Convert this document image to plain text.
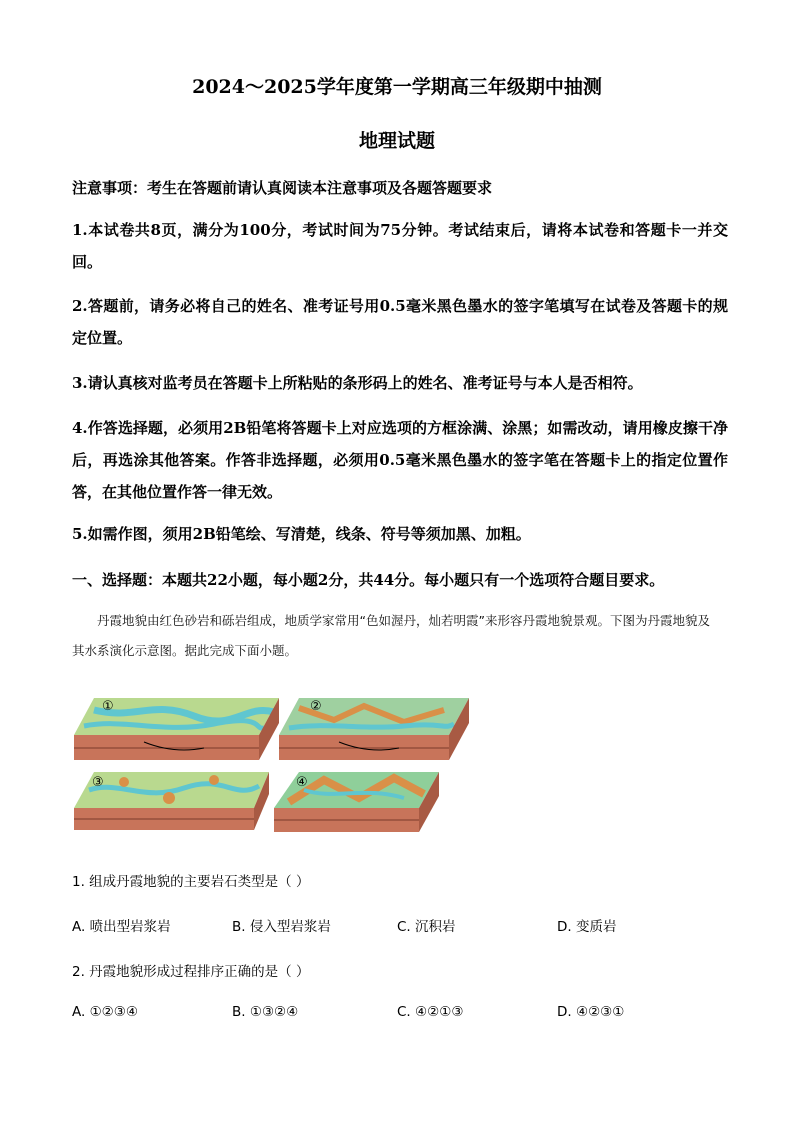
2024～2025学年度第一学期高三年级期中抽测
地理试题
注意事项：考生在答题前请认真阅读本注意事项及各题答题要求
1.本试卷共8页，满分为100分，考试时间为75分钟。考试结束后，请将本试卷和答题卡一并交回。
2.答题前，请务必将自己的姓名、准考证号用0.5毫米黑色墨水的签字笔填写在试卷及答题卡的规定位置。
3.请认真核对监考员在答题卡上所粘贴的条形码上的姓名、准考证号与本人是否相符。
4.作答选择题，必须用2B铅笔将答题卡上对应选项的方框涂满、涂黑；如需改动，请用橡皮擦干净后，再选涂其他答案。作答非选择题，必须用0.5毫米黑色墨水的签字笔在答题卡上的指定位置作答，在其他位置作答一律无效。
5.如需作图，须用2B铅笔绘、写清楚，线条、符号等须加黑、加粗。
一、选择题：本题共22小题，每小题2分，共44分。每小题只有一个选项符合题目要求。
丹霞地貌由红色砂岩和砾岩组成，地质学家常用“色如渥丹，灿若明霞”来形容丹霞地貌景观。下图为丹霞地貌及其水系演化示意图。据此完成下面小题。
①	②
③	④
1. 组成丹霞地貌的主要岩石类型是（ ）
A. 喷出型岩浆岩	B. 侵入型岩浆岩	C. 沉积岩	D. 变质岩
2. 丹霞地貌形成过程排序正确的是（ ）
A. ①②③④	B. ①③②④	C. ④②①③	D. ④②③①
